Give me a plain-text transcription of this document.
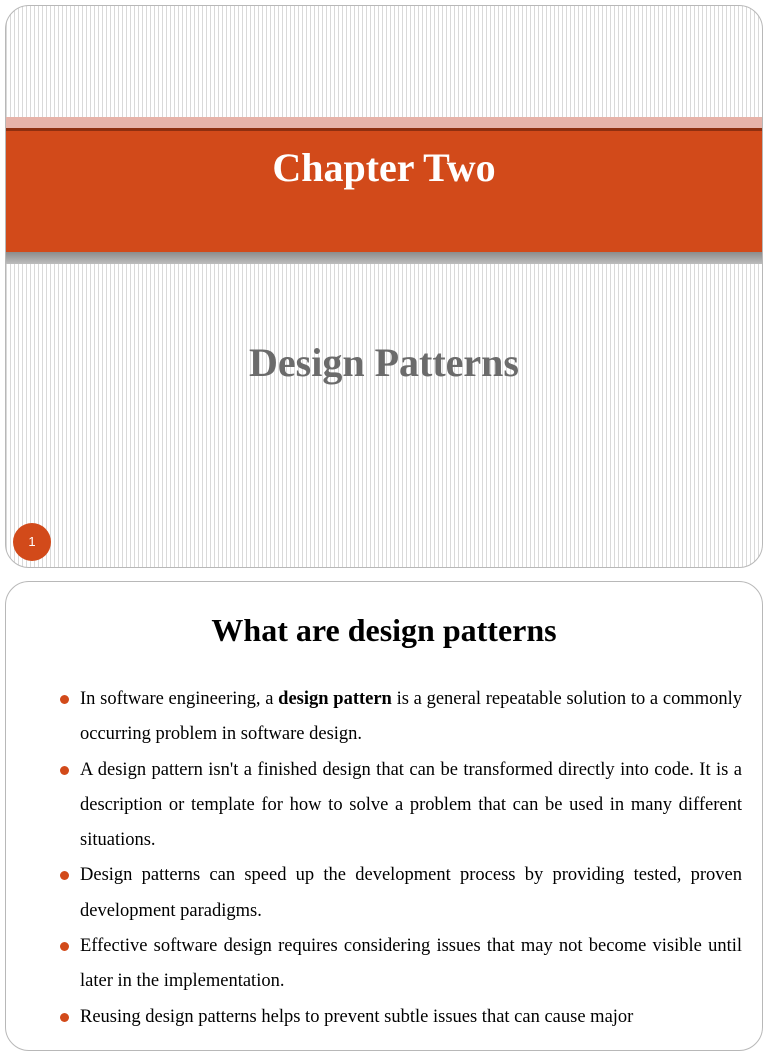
Chapter Two
Design Patterns
1
What are design patterns
In software engineering, a design pattern is a general repeatable solution to a commonly occurring problem in software design.
A design pattern isn't a finished design that can be transformed directly into code. It is a description or template for how to solve a problem that can be used in many different situations.
Design patterns can speed up the development process by providing tested, proven development paradigms.
Effective software design requires considering issues that may not become visible until later in the implementation.
Reusing design patterns helps to prevent subtle issues that can cause major
